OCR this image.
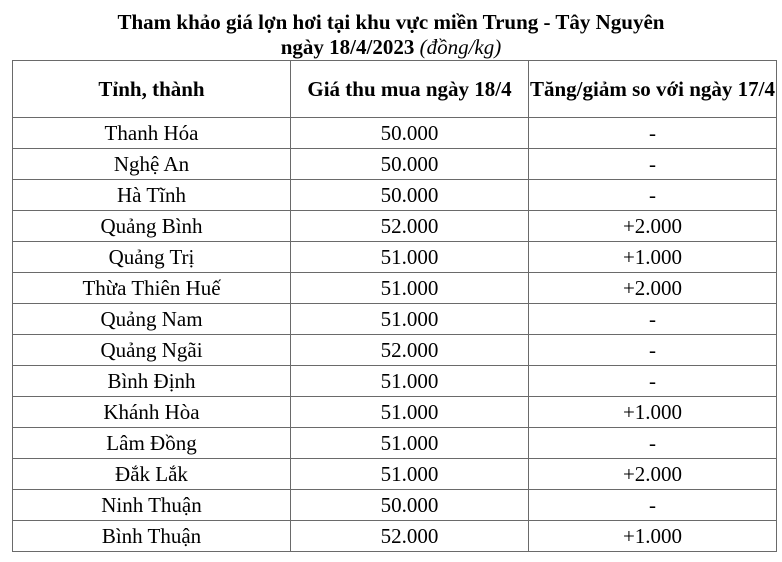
Tham khảo giá lợn hơi tại khu vực miền Trung - Tây Nguyên
ngày 18/4/2023 (đồng/kg)
Tỉnh, thành	Giá thu mua ngày 18/4	Tăng/giảm so với ngày 17/4
Thanh Hóa	50.000	-
Nghệ An	50.000	-
Hà Tĩnh	50.000	-
Quảng Bình	52.000	+2.000
Quảng Trị	51.000	+1.000
Thừa Thiên Huế	51.000	+2.000
Quảng Nam	51.000	-
Quảng Ngãi	52.000	-
Bình Định	51.000	-
Khánh Hòa	51.000	+1.000
Lâm Đồng	51.000	-
Đắk Lắk	51.000	+2.000
Ninh Thuận	50.000	-
Bình Thuận	52.000	+1.000
